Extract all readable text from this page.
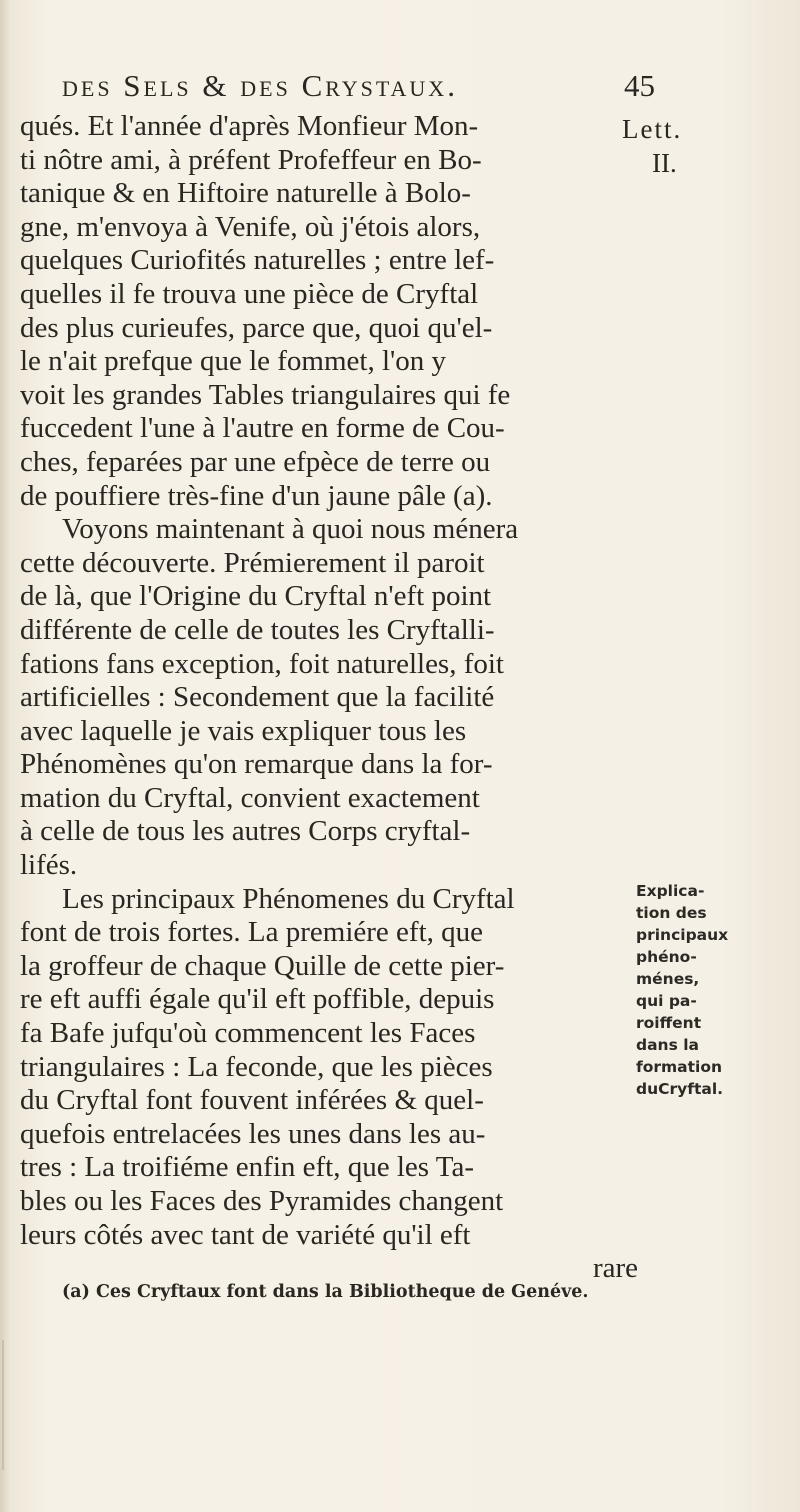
des Sels & des Crystaux.	45
Lett.
II.
qués. Et l'année d'après Monfieur Mon-
ti nôtre ami, à préfent Profeffeur en Bo-
tanique & en Hiftoire naturelle à Bolo-
gne, m'envoya à Venife, où j'étois alors,
quelques Curiofités naturelles ; entre lef-
quelles il fe trouva une pièce de Cryftal
des plus curieufes, parce que, quoi qu'el-
le n'ait prefque que le fommet, l'on y
voit les grandes Tables triangulaires qui fe
fuccedent l'une à l'autre en forme de Cou-
ches, feparées par une efpèce de terre ou
de pouffiere très-fine d'un jaune pâle (a).
Voyons maintenant à quoi nous ménera
cette découverte. Prémierement il paroit
de là, que l'Origine du Cryftal n'eft point
différente de celle de toutes les Cryftalli-
fations fans exception, foit naturelles, foit
artificielles : Secondement que la facilité
avec laquelle je vais expliquer tous les
Phénomènes qu'on remarque dans la for-
mation du Cryftal, convient exactement
à celle de tous les autres Corps cryftal-
lifés.
Les principaux Phénomenes du Cryftal
font de trois fortes. La premiére eft, que
la groffeur de chaque Quille de cette pier-
re eft auffi égale qu'il eft poffible, depuis
fa Bafe jufqu'où commencent les Faces
triangulaires : La feconde, que les pièces
du Cryftal font fouvent inférées & quel-
quefois entrelacées les unes dans les au-
tres : La troifiéme enfin eft, que les Ta-
bles ou les Faces des Pyramides changent
leurs côtés avec tant de variété qu'il eft
rare
Explica-
tion des
principaux
phéno-
ménes,
qui pa-
roiffent
dans la
formation
duCryftal.
(a) Ces Cryftaux font dans la Bibliotheque de Genéve.
